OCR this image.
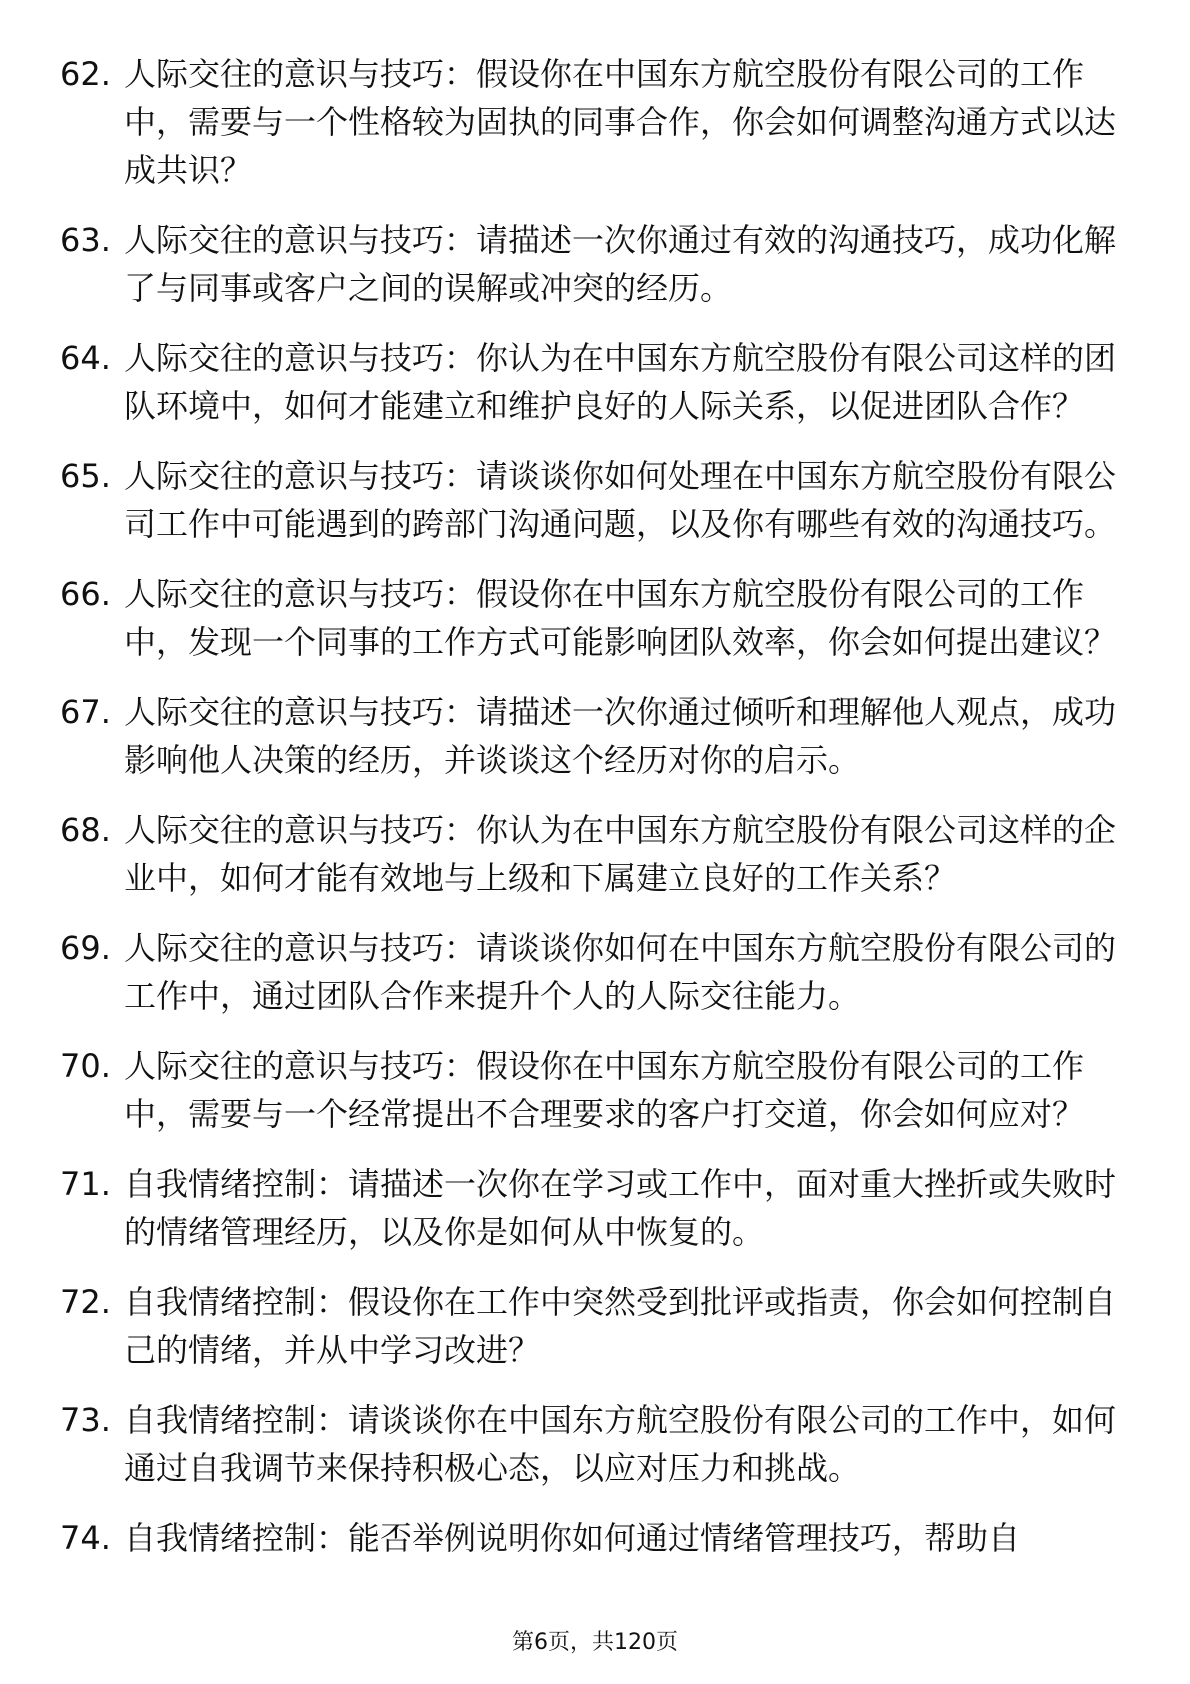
62. 人际交往的意识与技巧：假设你在中国东方航空股份有限公司的工作中，需要与一个性格较为固执的同事合作，你会如何调整沟通方式以达成共识？
63. 人际交往的意识与技巧：请描述一次你通过有效的沟通技巧，成功化解了与同事或客户之间的误解或冲突的经历。
64. 人际交往的意识与技巧：你认为在中国东方航空股份有限公司这样的团队环境中，如何才能建立和维护良好的人际关系，以促进团队合作？
65. 人际交往的意识与技巧：请谈谈你如何处理在中国东方航空股份有限公司工作中可能遇到的跨部门沟通问题，以及你有哪些有效的沟通技巧。
66. 人际交往的意识与技巧：假设你在中国东方航空股份有限公司的工作中，发现一个同事的工作方式可能影响团队效率，你会如何提出建议？
67. 人际交往的意识与技巧：请描述一次你通过倾听和理解他人观点，成功影响他人决策的经历，并谈谈这个经历对你的启示。
68. 人际交往的意识与技巧：你认为在中国东方航空股份有限公司这样的企业中，如何才能有效地与上级和下属建立良好的工作关系？
69. 人际交往的意识与技巧：请谈谈你如何在中国东方航空股份有限公司的工作中，通过团队合作来提升个人的人际交往能力。
70. 人际交往的意识与技巧：假设你在中国东方航空股份有限公司的工作中，需要与一个经常提出不合理要求的客户打交道，你会如何应对？
71. 自我情绪控制：请描述一次你在学习或工作中，面对重大挫折或失败时的情绪管理经历，以及你是如何从中恢复的。
72. 自我情绪控制：假设你在工作中突然受到批评或指责，你会如何控制自己的情绪，并从中学习改进？
73. 自我情绪控制：请谈谈你在中国东方航空股份有限公司的工作中，如何通过自我调节来保持积极心态，以应对压力和挑战。
74. 自我情绪控制：能否举例说明你如何通过情绪管理技巧，帮助自
第6页，共120页
